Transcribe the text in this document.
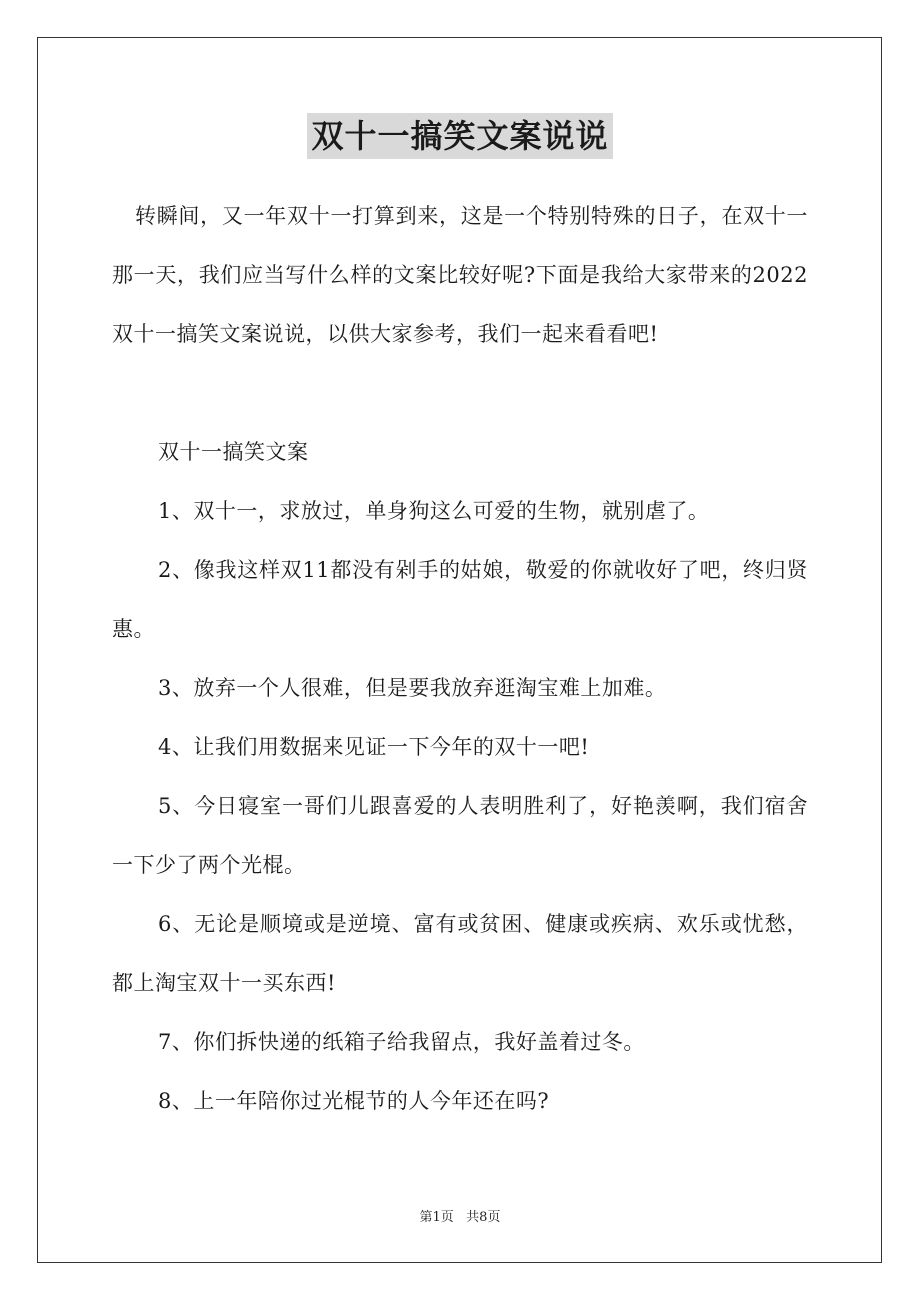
双十一搞笑文案说说

转瞬间，又一年双十一打算到来，这是一个特别特殊的日子，在双十一那一天，我们应当写什么样的文案比较好呢?下面是我给大家带来的2022双十一搞笑文案说说，以供大家参考，我们一起来看看吧!

双十一搞笑文案

1、双十一，求放过，单身狗这么可爱的生物，就别虐了。

2、像我这样双11都没有剁手的姑娘，敬爱的你就收好了吧，终归贤惠。

3、放弃一个人很难，但是要我放弃逛淘宝难上加难。

4、让我们用数据来见证一下今年的双十一吧!

5、今日寝室一哥们儿跟喜爱的人表明胜利了，好艳羡啊，我们宿舍一下少了两个光棍。

6、无论是顺境或是逆境、富有或贫困、健康或疾病、欢乐或忧愁，都上淘宝双十一买东西!

7、你们拆快递的纸箱子给我留点，我好盖着过冬。

8、上一年陪你过光棍节的人今年还在吗?

第1页   共8页
